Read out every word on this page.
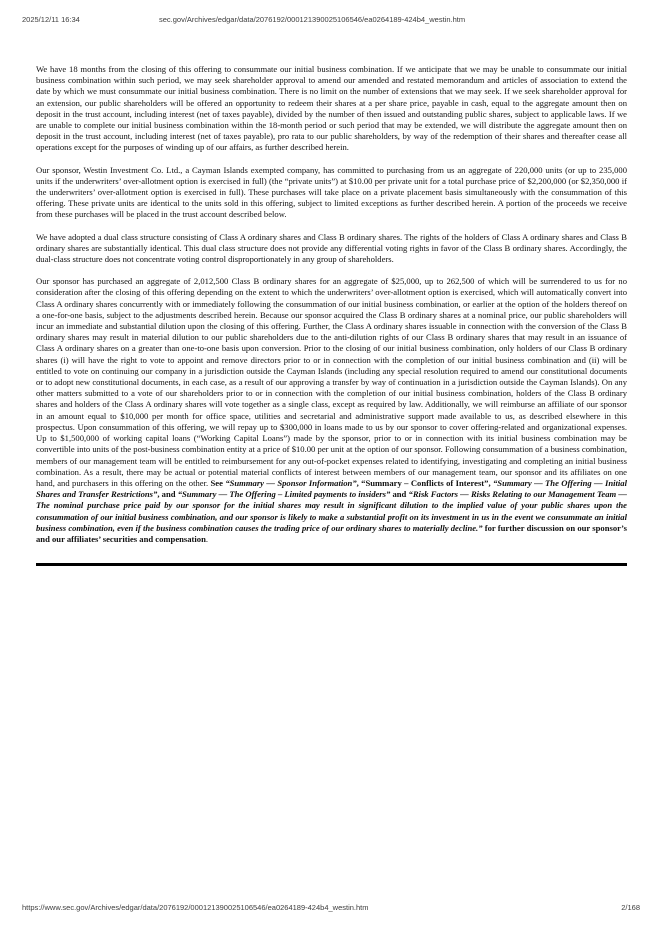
2025/12/11 16:34	sec.gov/Archives/edgar/data/2076192/000121390025106546/ea0264189-424b4_westin.htm

We have 18 months from the closing of this offering to consummate our initial business combination. If we anticipate that we may be unable to consummate our initial business combination within such period, we may seek shareholder approval to amend our amended and restated memorandum and articles of association to extend the date by which we must consummate our initial business combination. There is no limit on the number of extensions that we may seek. If we seek shareholder approval for an extension, our public shareholders will be offered an opportunity to redeem their shares at a per share price, payable in cash, equal to the aggregate amount then on deposit in the trust account, including interest (net of taxes payable), divided by the number of then issued and outstanding public shares, subject to applicable laws. If we are unable to complete our initial business combination within the 18-month period or such period that may be extended, we will distribute the aggregate amount then on deposit in the trust account, including interest (net of taxes payable), pro rata to our public shareholders, by way of the redemption of their shares and thereafter cease all operations except for the purposes of winding up of our affairs, as further described herein.

Our sponsor, Westin Investment Co. Ltd., a Cayman Islands exempted company, has committed to purchasing from us an aggregate of 220,000 units (or up to 235,000 units if the underwriters’ over-allotment option is exercised in full) (the “private units”) at $10.00 per private unit for a total purchase price of $2,200,000 (or $2,350,000 if the underwriters’ over-allotment option is exercised in full). These purchases will take place on a private placement basis simultaneously with the consummation of this offering. These private units are identical to the units sold in this offering, subject to limited exceptions as further described herein. A portion of the proceeds we receive from these purchases will be placed in the trust account described below.

We have adopted a dual class structure consisting of Class A ordinary shares and Class B ordinary shares. The rights of the holders of Class A ordinary shares and Class B ordinary shares are substantially identical. This dual class structure does not provide any differential voting rights in favor of the Class B ordinary shares. Accordingly, the dual-class structure does not concentrate voting control disproportionately in any group of shareholders.

Our sponsor has purchased an aggregate of 2,012,500 Class B ordinary shares for an aggregate of $25,000, up to 262,500 of which will be surrendered to us for no consideration after the closing of this offering depending on the extent to which the underwriters’ over-allotment option is exercised, which will automatically convert into Class A ordinary shares concurrently with or immediately following the consummation of our initial business combination, or earlier at the option of the holders thereof on a one-for-one basis, subject to the adjustments described herein. Because our sponsor acquired the Class B ordinary shares at a nominal price, our public shareholders will incur an immediate and substantial dilution upon the closing of this offering. Further, the Class A ordinary shares issuable in connection with the conversion of the Class B ordinary shares may result in material dilution to our public shareholders due to the anti-dilution rights of our Class B ordinary shares that may result in an issuance of Class A ordinary shares on a greater than one-to-one basis upon conversion. Prior to the closing of our initial business combination, only holders of our Class B ordinary shares (i) will have the right to vote to appoint and remove directors prior to or in connection with the completion of our initial business combination and (ii) will be entitled to vote on continuing our company in a jurisdiction outside the Cayman Islands (including any special resolution required to amend our constitutional documents or to adopt new constitutional documents, in each case, as a result of our approving a transfer by way of continuation in a jurisdiction outside the Cayman Islands). On any other matters submitted to a vote of our shareholders prior to or in connection with the completion of our initial business combination, holders of the Class B ordinary shares and holders of the Class A ordinary shares will vote together as a single class, except as required by law. Additionally, we will reimburse an affiliate of our sponsor in an amount equal to $10,000 per month for office space, utilities and secretarial and administrative support made available to us, as described elsewhere in this prospectus. Upon consummation of this offering, we will repay up to $300,000 in loans made to us by our sponsor to cover offering-related and organizational expenses. Up to $1,500,000 of working capital loans (“Working Capital Loans”) made by the sponsor, prior to or in connection with its initial business combination may be convertible into units of the post-business combination entity at a price of $10.00 per unit at the option of our sponsor. Following consummation of a business combination, members of our management team will be entitled to reimbursement for any out-of-pocket expenses related to identifying, investigating and completing an initial business combination. As a result, there may be actual or potential material conflicts of interest between members of our management team, our sponsor and its affiliates on one hand, and purchasers in this offering on the other. See “Summary — Sponsor Information”, “Summary – Conflicts of Interest”, “Summary — The Offering — Initial Shares and Transfer Restrictions”, and “Summary — The Offering – Limited payments to insiders” and “Risk Factors — Risks Relating to our Management Team — The nominal purchase price paid by our sponsor for the initial shares may result in significant dilution to the implied value of your public shares upon the consummation of our initial business combination, and our sponsor is likely to make a substantial profit on its investment in us in the event we consummate an initial business combination, even if the business combination causes the trading price of our ordinary shares to materially decline.” for further discussion on our sponsor’s and our affiliates’ securities and compensation.

https://www.sec.gov/Archives/edgar/data/2076192/000121390025106546/ea0264189-424b4_westin.htm	2/168
